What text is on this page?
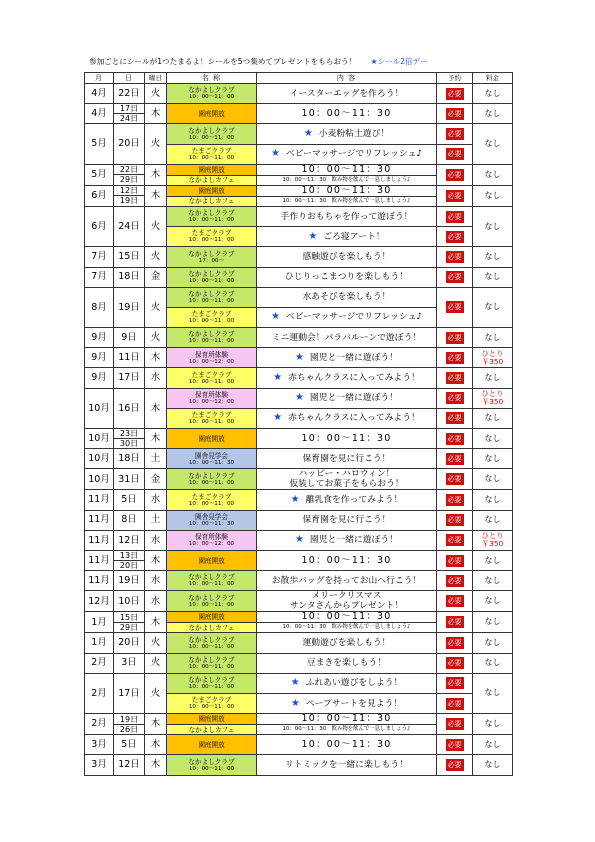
参加ごとにシールが1つたまるよ！シールを5つ集めてプレゼントをもらおう！ ★シール2倍デー
月	日	曜日	名 称	内 容	予約	料金
4月	22日	火	なかよしクラブ
10：00～11：00	イースターエッグを作ろう！	必要	なし

4月	17日
24日	木	園庭開放	10：00～11：30	必要	なし

5月	20日	火	なかよしクラブ
10：00～11：00	★ 小麦粉粘土遊び！	必要	なし

			たまごクラブ
10：00～11：00	★ ベビーマッサージでリフレッシュ♪	必要	
5月	22日
29日	木	園庭開放	10：00～11：30	必要	なし

			なかよしカフェ	10：00～11：30　飲み物を飲んで一息しましょう♪		

6月	12日
19日	木	園庭開放	10：00～11：30	必要	なし

			なかよしカフェ	10：00～11：30　飲み物を飲んで一息しましょう♪		

6月	24日	火	なかよしクラブ
10：00～11：00	手作りおもちゃを作って遊ぼう！	必要	なし

			たまごクラブ
10：00～11：00	★ ごろ寝アート！	必要	
7月	15日	火	なかよしクラブ
17：00～	感触遊びを楽しもう！	必要	なし

7月	18日	金	なかよしクラブ
10：00～11：00	ひじりっこまつりを楽しもう！	必要	なし

8月	19日	火	なかよしクラブ
10：00～11：00	水あそびを楽しもう！	必要	なし

			たまごクラブ
10：00～11：00	★ ベビーマッサージでリフレッシュ♪		
9月	9日	火	なかよしクラブ
10：00～11：00	ミニ運動会！パラバルーンで遊ぼう！	必要	なし

9月	11日	木	保育所体験
10：00～12：00	★ 園児と一緒に遊ぼう！	必要	ひとり
￥350

9月	17日	水	たまごクラブ
10：00～11：00	★ 赤ちゃんクラスに入ってみよう！	必要	なし

10月	16日	木	保育所体験
10：00～12：00	★ 園児と一緒に遊ぼう！	必要	ひとり
￥350

			たまごクラブ
10：00～11：00	★ 赤ちゃんクラスに入ってみよう！	必要	なし

10月	23日
30日	木	園庭開放	10：00～11：30	必要	なし

10月	18日	土	園舎見学会
10：00～11：30	保育園を見に行こう！	必要	なし

10月	31日	金	なかよしクラブ
10：00～11：00	ハッピー・ハロウィン！
仮装してお菓子をもらおう！	必要	なし

11月	5日	水	たまごクラブ
10：00～11：00	★ 離乳食を作ってみよう！	必要	なし

11月	8日	土	園舎見学会
10：00～11：30	保育園を見に行こう！	必要	なし

11月	12日	水	保育所体験
10：00～12：00	★ 園児と一緒に遊ぼう！	必要	ひとり
￥350

11月	13日
20日	木	園庭開放	10：00～11：30	必要	なし

11月	19日	水	なかよしクラブ
10：00～11：00	お散歩バッグを持ってお山へ行こう！	必要	なし

12月	10日	水	なかよしクラブ
10：00～11：00	メリークリスマス
サンタさんからプレゼント！	必要	なし

1月	15日
29日	木	園庭開放	10：00～11：30	必要	なし

			なかよしカフェ	10：00～11：30　飲み物を飲んで一息しましょう♪		

1月	20日	火	なかよしクラブ
10：00～11：00	運動遊びを楽しもう！	必要	なし

2月	3日	火	なかよしクラブ
10：00～11：00	豆まきを楽しもう！	必要	なし

2月	17日	火	なかよしクラブ
10：00～11：00	★ ふれあい遊びをしよう！	必要	なし

			たまごクラブ
10：00～11：00	★ ペープサートを見よう！	必要	
2月	19日
26日	木	園庭開放	10：00～11：30	必要	なし

			なかよしカフェ	10：00～11：30　飲み物を飲んで一息しましょう♪		

3月	5日	木	園庭開放	10：00～11：30	必要	なし

3月	12日	木	なかよしクラブ
10：00～11：00	リトミックを一緒に楽しもう！	必要	なし
